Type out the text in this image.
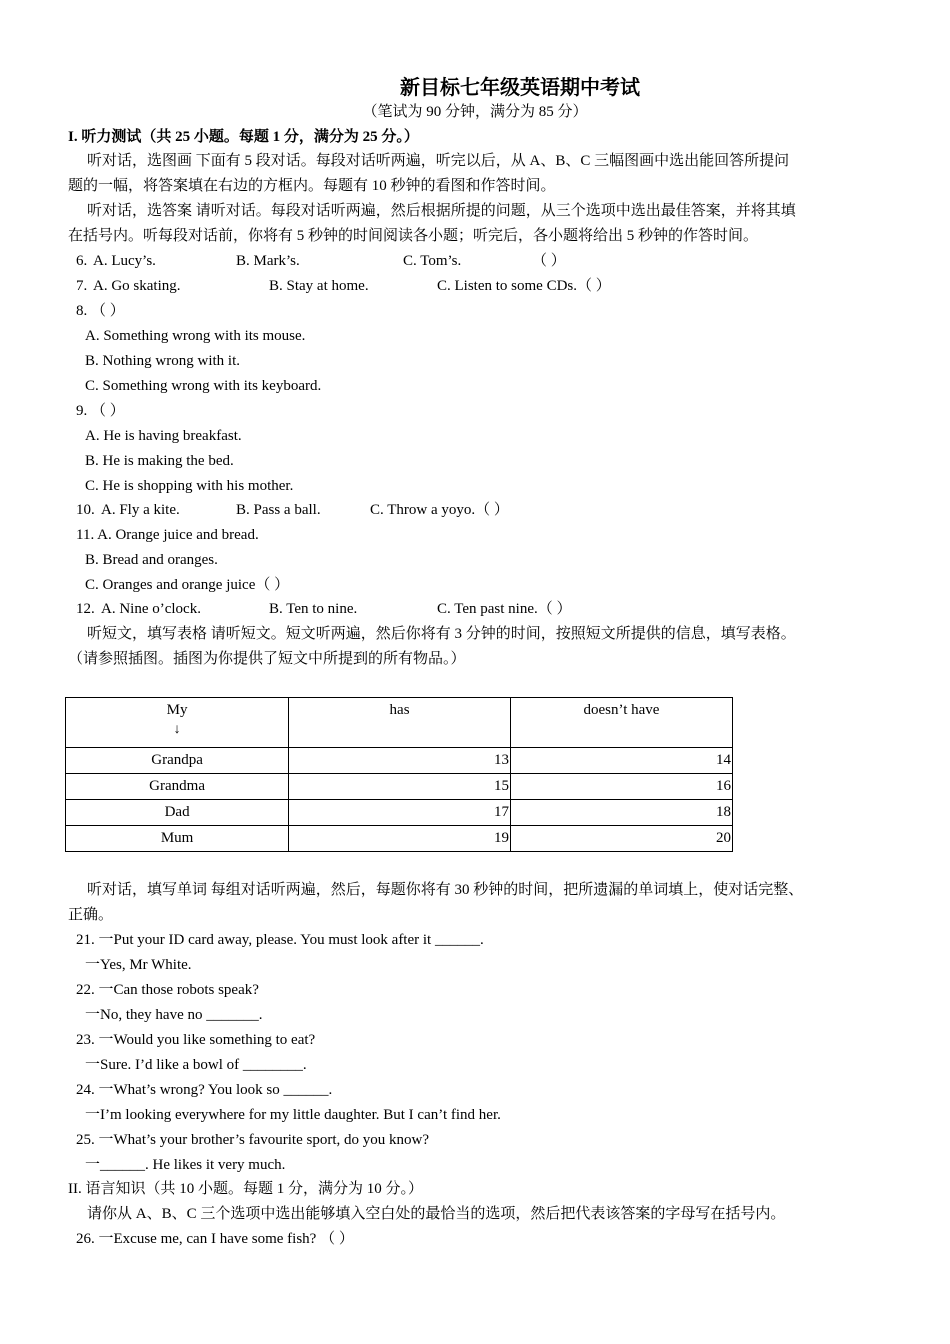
新目标七年级英语期中考试
（笔试为 90 分钟，满分为 85 分）
I. 听力测试（共 25 小题。每题 1 分，满分为 25 分。）
听对话，选图画 下面有 5 段对话。每段对话听两遍，听完以后，从 A、B、C 三幅图画中选出能回答所提问
题的一幅，将答案填在右边的方框内。每题有 10 秒钟的看图和作答时间。
听对话，选答案 请听对话。每段对话听两遍，然后根据所提的问题，从三个选项中选出最佳答案，并将其填
在括号内。听每段对话前，你将有 5 秒钟的时间阅读各小题；听完后，各小题将给出 5 秒钟的作答时间。
6. A. Lucy’s.	B. Mark’s.	C. Tom’s.	（ ）
7. A. Go skating.	B. Stay at home.	C. Listen to some CDs.（ ）
8. （ ）
A. Something wrong with its mouse.
B. Nothing wrong with it.
C. Something wrong with its keyboard.
9. （ ）
A. He is having breakfast.
B. He is making the bed.
C. He is shopping with his mother.
10. A. Fly a kite.	B. Pass a ball.	C. Throw a yoyo.（ ）
11. A. Orange juice and bread.
B. Bread and oranges.
C. Oranges and orange juice（ ）
12. A. Nine o’clock.	B. Ten to nine.	C. Ten past nine.（ ）
听短文，填写表格 请听短文。短文听两遍，然后你将有 3 分钟的时间，按照短文所提供的信息，填写表格。
（请参照插图。插图为你提供了短文中所提到的所有物品。）
My
↓	has	doesn’t have
Grandpa	13	14
Grandma	15	16
Dad	17	18
Mum	19	20
听对话，填写单词 每组对话听两遍，然后，每题你将有 30 秒钟的时间，把所遗漏的单词填上，使对话完整、
正确。
21. 一Put your ID card away, please. You must look after it ______.
一Yes, Mr White.
22. 一Can those robots speak?
一No, they have no _______.
23. 一Would you like something to eat?
一Sure. I’d like a bowl of ________.
24. 一What’s wrong? You look so ______.
一I’m looking everywhere for my little daughter. But I can’t find her.
25. 一What’s your brother’s favourite sport, do you know?
一______. He likes it very much.
II. 语言知识（共 10 小题。每题 1 分，满分为 10 分。）
请你从 A、B、C 三个选项中选出能够填入空白处的最恰当的选项，然后把代表该答案的字母写在括号内。
26. 一Excuse me, can I have some fish? （ ）
